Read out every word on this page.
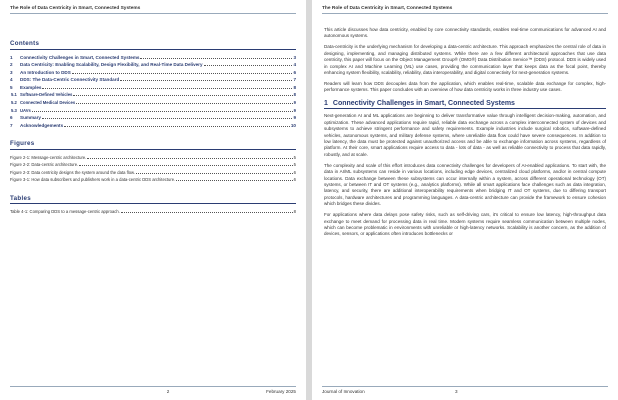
The Role of Data Centricity in Smart, Connected Systems
Contents
1	Connectivity Challenges in Smart, Connected Systems	3
2	Data Centricity: Enabling Scalability, Design Flexibility, and Real-Time Data Delivery	4
3	An Introduction to DDS	6
4	DDS: The Data-Centric Connectivity Standard	7
5	Examples	8
5.1 Software-Defined Vehicles	8
5.2 Connected Medical Devices	9
5.3 UAVs	9
6	Summary	9
7	Acknowledgements	10
Figures
Figure 2-1: Message-centric architecture.	5
Figure 2-2: Data-centric architecture.	5
Figure 2-3: Data centricity designs the system around the data flow.	6
Figure 3-1: How data subscribers and publishers work in a data-centric DDS architecture.	6
Tables
Table 4-1: Comparing DDS to a message-centric approach.	8
2	February 2025
The Role of Data Centricity in Smart, Connected Systems

This article discusses how data centricity, enabled by core connectivity standards, enables real-time communications for advanced AI and autonomous systems.

Data-centricity is the underlying mechanism for developing a data-centric architecture. This approach emphasizes the central role of data in designing, implementing, and managing distributed systems. While there are a few different architectural approaches that use data centricity, this paper will focus on the Object Management Group® (OMG®) Data Distribution Service™ (DDS) protocol. DDS is widely used in complex AI and Machine Learning (ML) use cases, providing the communication layer that keeps data as the focal point, thereby enhancing system flexibility, scalability, reliability, data interoperability, and digital connectivity for next-generation systems.

Readers will learn how DDS decouples data from the application, which enables real-time, scalable data exchange for complex, high-performance systems. This paper concludes with an overview of how data centricity works in three industry use cases.

1 Connectivity Challenges in Smart, Connected Systems

Next-generation AI and ML applications are beginning to deliver transformative value through intelligent decision-making, automation, and optimization. These advanced applications require rapid, reliable data exchange across a complex interconnected system of devices and subsystems to achieve stringent performance and safety requirements. Example industries include surgical robotics, software-defined vehicles, autonomous systems, and military defense systems, where unreliable data flow could have severe consequences. In addition to low latency, the data must be protected against unauthorized access and be able to exchange information across systems, regardless of platform. At their core, smart applications require access to data - lots of data - as well as reliable connectivity to process that data rapidly, robustly, and at scale.

The complexity and scale of this effort introduces data connectivity challenges for developers of AI-enabled applications. To start with, the data in AI/ML subsystems can reside in various locations, including edge devices, centralized cloud platforms, and/or in central compute locations. Data exchange between these subsystems can occur internally within a system, across different operational technology (OT) systems, or between IT and OT systems (e.g., analytics platforms). While all smart applications face challenges such as data integration, latency, and security, there are additional interoperability requirements when bridging IT and OT systems, due to differing transport protocols, hardware architectures and programming languages. A data-centric architecture can provide the framework to ensure cohesion which bridges these divides.

For applications where data delays pose safety risks, such as self-driving cars, it's critical to ensure low latency, high-throughput data exchange to meet demand for processing data in real time. Modern systems require seamless communication between multiple nodes, which can become problematic in environments with unreliable or high-latency networks. Scalability is another concern, as the addition of devices, sensors, or applications often introduces bottlenecks or

Journal of Innovation	3
